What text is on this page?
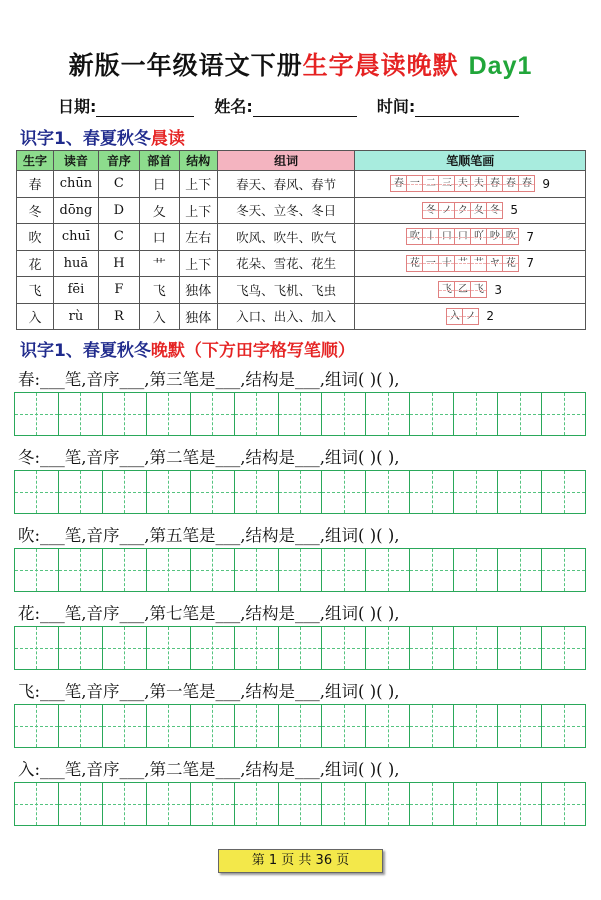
新版一年级语文下册生字晨读晚默 Day1
日期:	姓名:	时间:
识字1、春夏秋冬晨读
生字	读音	音序	部首	结构	组词	笔顺笔画
春	chūn	C	日	上下	春天、春风、春节	春 一 二 三 夫 夫 春 春 春 9
冬	dōng	D	夂	上下	冬天、立冬、冬日	冬 ノ ク 夂 冬 5
吹	chuī	C	口	左右	吹风、吹牛、吹气	吹 丨 口 口 吖 吵 吹 7
花	huā	H	艹	上下	花朵、雪花、花生	花 一 十 艹 艹 ヤ 花 7
飞	fēi	F	飞	独体	飞鸟、飞机、飞虫	飞 乙 飞 3
入	rù	R	入	独体	入口、出入、加入	入 ノ 2
识字1、春夏秋冬晚默（下方田字格写笔顺）
春:___笔,音序___,第三笔是___,结构是___,组词( )( ),
冬:___笔,音序___,第二笔是___,结构是___,组词( )( ),
吹:___笔,音序___,第五笔是___,结构是___,组词( )( ),
花:___笔,音序___,第七笔是___,结构是___,组词( )( ),
飞:___笔,音序___,第一笔是___,结构是___,组词( )( ),
入:___笔,音序___,第二笔是___,结构是___,组词( )( ),
第 1 页 共 36 页
